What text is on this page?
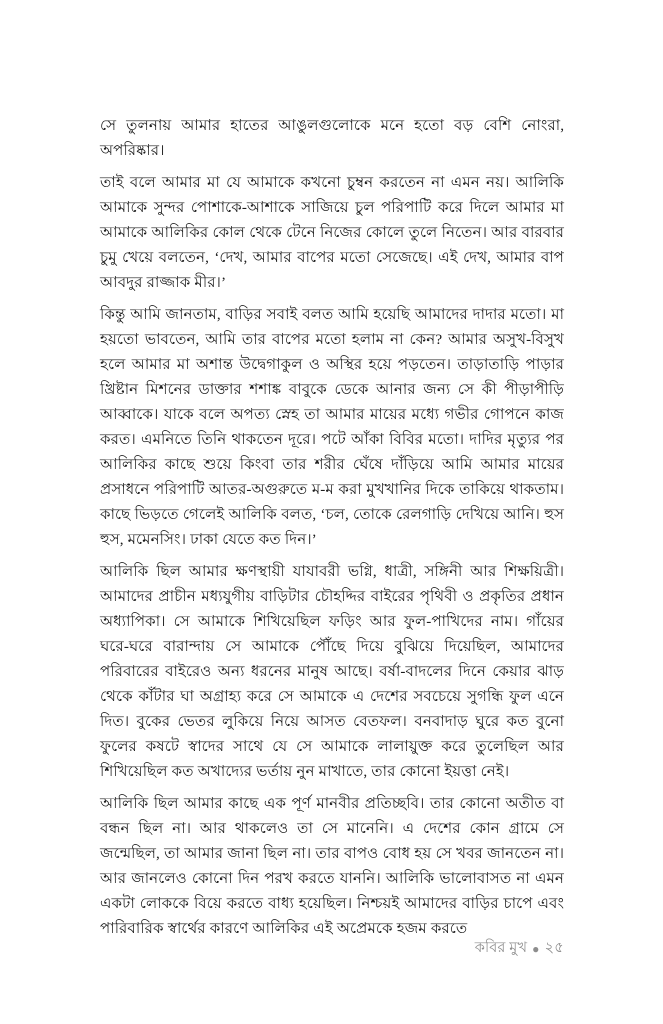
সে তুলনায় আমার হাতের আঙুলগুলোকে মনে হতো বড় বেশি নোংরা, অপরিষ্কার।

তাই বলে আমার মা যে আমাকে কখনো চুম্বন করতেন না এমন নয়। আলিকি আমাকে সুন্দর পোশাকে-আশাকে সাজিয়ে চুল পরিপাটি করে দিলে আমার মা আমাকে আলিকির কোল থেকে টেনে নিজের কোলে তুলে নিতেন। আর বারবার চুমু খেয়ে বলতেন, ‘দেখ, আমার বাপের মতো সেজেছে। এই দেখ, আমার বাপ আবদুর রাজ্জাক মীর।’

কিন্তু আমি জানতাম, বাড়ির সবাই বলত আমি হয়েছি আমাদের দাদার মতো। মা হয়তো ভাবতেন, আমি তার বাপের মতো হলাম না কেন? আমার অসুখ-বিসুখ হলে আমার মা অশান্ত উদ্বেগাকুল ও অস্থির হয়ে পড়তেন। তাড়াতাড়ি পাড়ার খ্রিষ্টান মিশনের ডাক্তার শশাঙ্ক বাবুকে ডেকে আনার জন্য সে কী পীড়াপীড়ি আব্বাকে। যাকে বলে অপত্য স্নেহ তা আমার মায়ের মধ্যে গভীর গোপনে কাজ করত। এমনিতে তিনি থাকতেন দূরে। পটে আঁকা বিবির মতো। দাদির মৃত্যুর পর আলিকির কাছে শুয়ে কিংবা তার শরীর ঘেঁষে দাঁড়িয়ে আমি আমার মায়ের প্রসাধনে পরিপাটি আতর-অগুরুতে ম-ম করা মুখখানির দিকে তাকিয়ে থাকতাম। কাছে ভিড়তে গেলেই আলিকি বলত, ‘চল, তোকে রেলগাড়ি দেখিয়ে আনি। হুস হুস, মমেনসিং। ঢাকা যেতে কত দিন।’

আলিকি ছিল আমার ক্ষণস্থায়ী যাযাবরী ভগ্নি, ধাত্রী, সঙ্গিনী আর শিক্ষয়িত্রী। আমাদের প্রাচীন মধ্যযুগীয় বাড়িটার চৌহদ্দির বাইরের পৃথিবী ও প্রকৃতির প্রধান অধ্যাপিকা। সে আমাকে শিখিয়েছিল ফড়িং আর ফুল-পাখিদের নাম। গাঁয়ের ঘরে-ঘরে বারান্দায় সে আমাকে পৌঁছে দিয়ে বুঝিয়ে দিয়েছিল, আমাদের পরিবারের বাইরেও অন্য ধরনের মানুষ আছে। বর্ষা-বাদলের দিনে কেয়ার ঝাড় থেকে কাঁটার ঘা অগ্রাহ্য করে সে আমাকে এ দেশের সবচেয়ে সুগন্ধি ফুল এনে দিত। বুকের ভেতর লুকিয়ে নিয়ে আসত বেতফল। বনবাদাড় ঘুরে কত বুনো ফুলের কষটে স্বাদের সাথে যে সে আমাকে লালায়ুক্ত করে তুলেছিল আর শিখিয়েছিল কত অখাদ্যের ভর্তায় নুন মাখাতে, তার কোনো ইয়ত্তা নেই।

আলিকি ছিল আমার কাছে এক পূর্ণ মানবীর প্রতিচ্ছবি। তার কোনো অতীত বা বন্ধন ছিল না। আর থাকলেও তা সে মানেনি। এ দেশের কোন গ্রামে সে জন্মেছিল, তা আমার জানা ছিল না। তার বাপও বোধ হয় সে খবর জানতেন না। আর জানলেও কোনো দিন পরখ করতে যাননি। আলিকি ভালোবাসত না এমন একটা লোককে বিয়ে করতে বাধ্য হয়েছিল। নিশ্চয়ই আমাদের বাড়ির চাপে এবং পারিবারিক স্বার্থের কারণে আলিকির এই অপ্রেমকে হজম করতে

কবির মুখ ● ২৫
